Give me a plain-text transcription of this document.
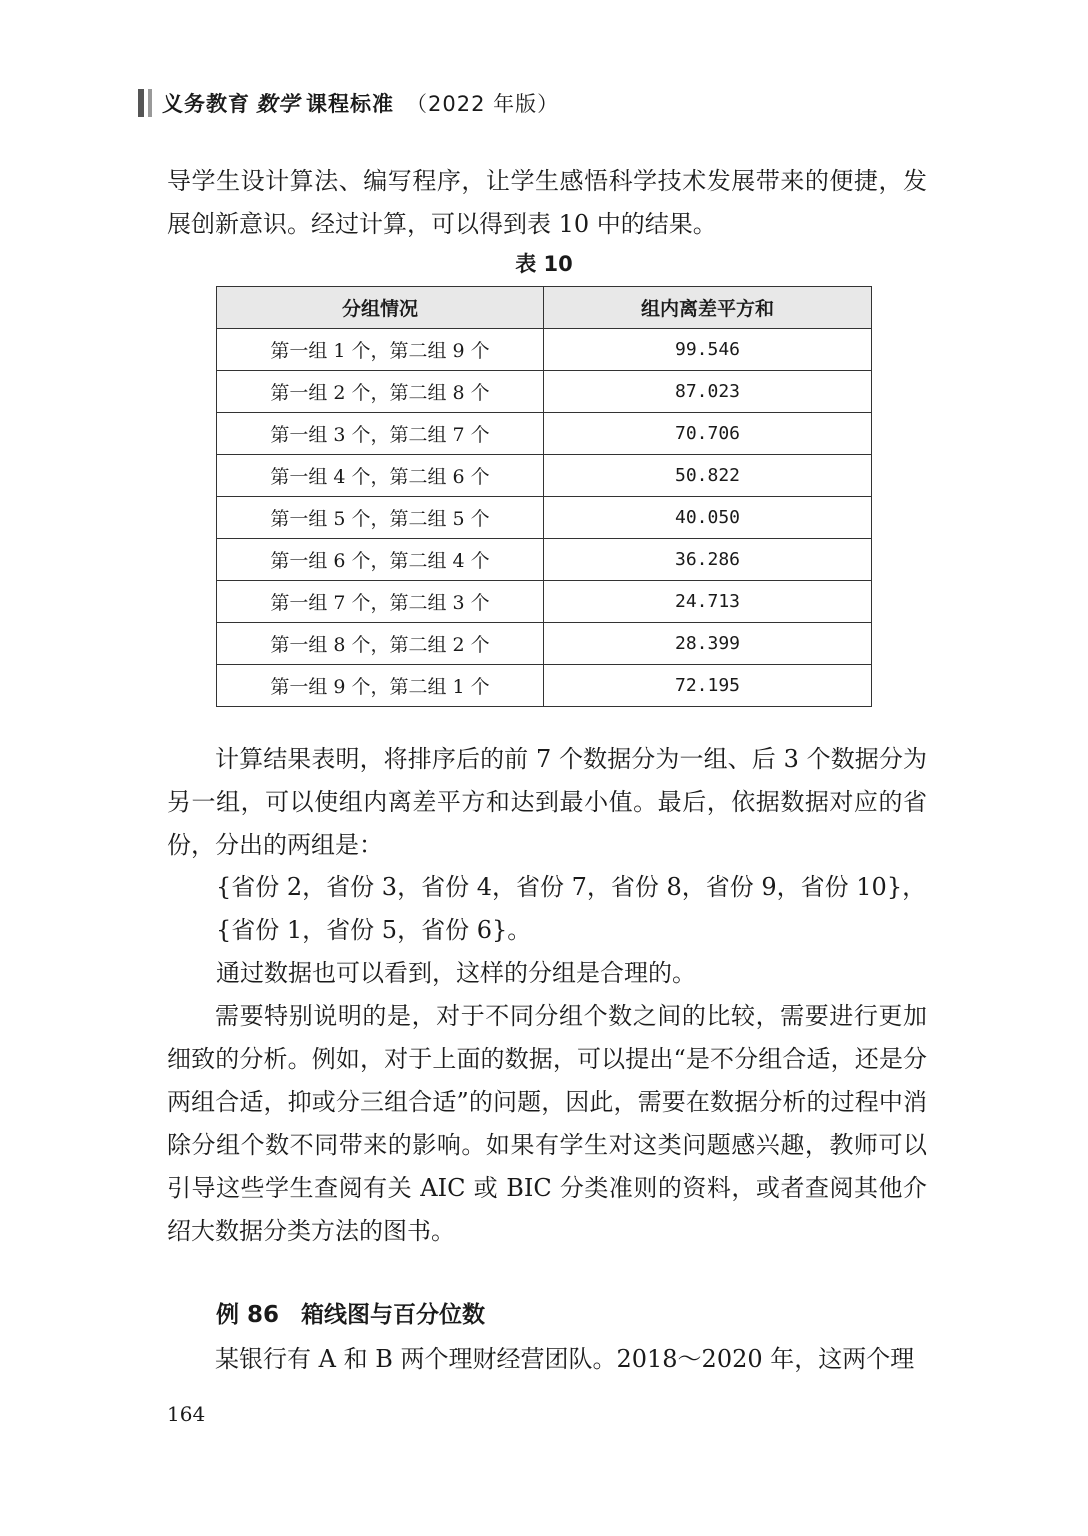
义务教育 数学 课程标准 （2022 年版）

导学生设计算法、编写程序，让学生感悟科学技术发展带来的便捷，发展创新意识。经过计算，可以得到表 10 中的结果。

表 10
分组情况	组内离差平方和
第一组 1 个，第二组 9 个	99.546
第一组 2 个，第二组 8 个	87.023
第一组 3 个，第二组 7 个	70.706
第一组 4 个，第二组 6 个	50.822
第一组 5 个，第二组 5 个	40.050
第一组 6 个，第二组 4 个	36.286
第一组 7 个，第二组 3 个	24.713
第一组 8 个，第二组 2 个	28.399
第一组 9 个，第二组 1 个	72.195

计算结果表明，将排序后的前 7 个数据分为一组、后 3 个数据分为另一组，可以使组内离差平方和达到最小值。最后，依据数据对应的省份，分出的两组是：

{省份 2，省份 3，省份 4，省份 7，省份 8，省份 9，省份 10}，

{省份 1，省份 5，省份 6}。

通过数据也可以看到，这样的分组是合理的。

需要特别说明的是，对于不同分组个数之间的比较，需要进行更加细致的分析。例如，对于上面的数据，可以提出“是不分组合适，还是分两组合适，抑或分三组合适”的问题，因此，需要在数据分析的过程中消除分组个数不同带来的影响。如果有学生对这类问题感兴趣，教师可以引导这些学生查阅有关 AIC 或 BIC 分类准则的资料，或者查阅其他介绍大数据分类方法的图书。

例 86 箱线图与百分位数

某银行有 A 和 B 两个理财经营团队。2018～2020 年，这两个理

164
